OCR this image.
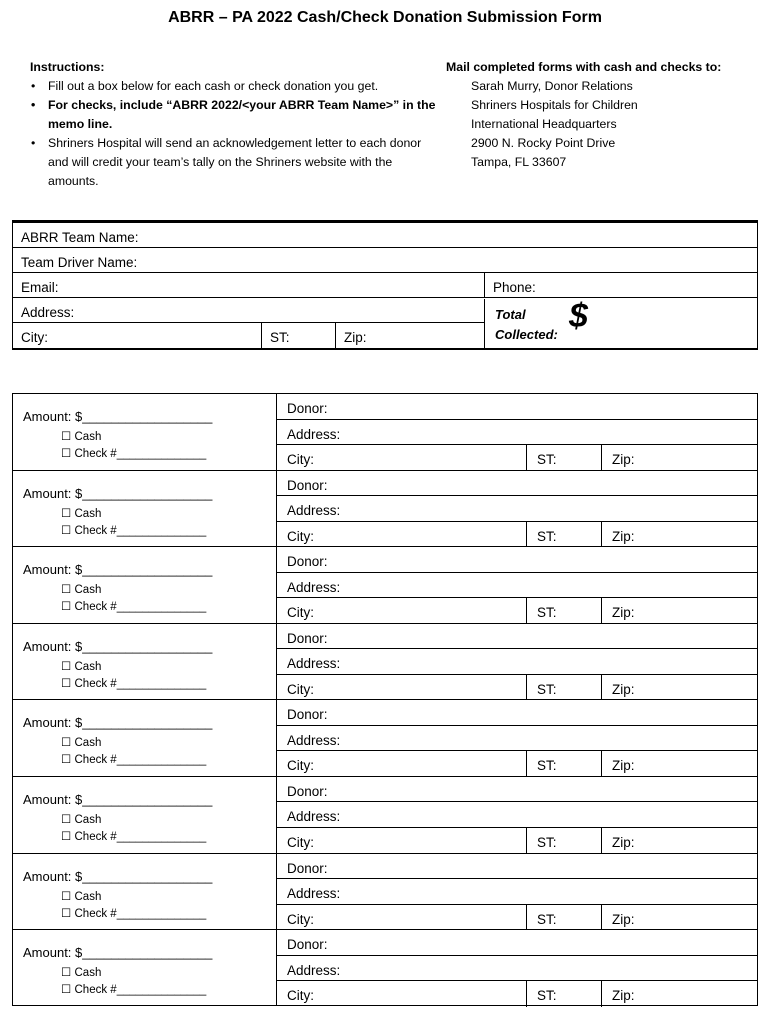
ABRR – PA 2022 Cash/Check Donation Submission Form
Instructions:
• Fill out a box below for each cash or check donation you get.
• For checks, include “ABRR 2022/<your ABRR Team Name>” in the memo line.
• Shriners Hospital will send an acknowledgement letter to each donor and will credit your team’s tally on the Shriners website with the amounts.
Mail completed forms with cash and checks to:
Sarah Murry, Donor Relations
Shriners Hospitals for Children
International Headquarters
2900 N. Rocky Point Drive
Tampa, FL 33607
ABRR Team Name:
Team Driver Name:
Email:	Phone:
Address:
City:	ST:	Zip:
Total
Collected: $
Amount: $__________________
☐ Cash
☐ Check #______________
Donor:
Address:
City:	ST:	Zip:
Amount: $__________________
☐ Cash
☐ Check #______________
Donor:
Address:
City:	ST:	Zip:
Amount: $__________________
☐ Cash
☐ Check #______________
Donor:
Address:
City:	ST:	Zip:
Amount: $__________________
☐ Cash
☐ Check #______________
Donor:
Address:
City:	ST:	Zip:
Amount: $__________________
☐ Cash
☐ Check #______________
Donor:
Address:
City:	ST:	Zip:
Amount: $__________________
☐ Cash
☐ Check #______________
Donor:
Address:
City:	ST:	Zip:
Amount: $__________________
☐ Cash
☐ Check #______________
Donor:
Address:
City:	ST:	Zip:
Amount: $__________________
☐ Cash
☐ Check #______________
Donor:
Address:
City:	ST:	Zip:
